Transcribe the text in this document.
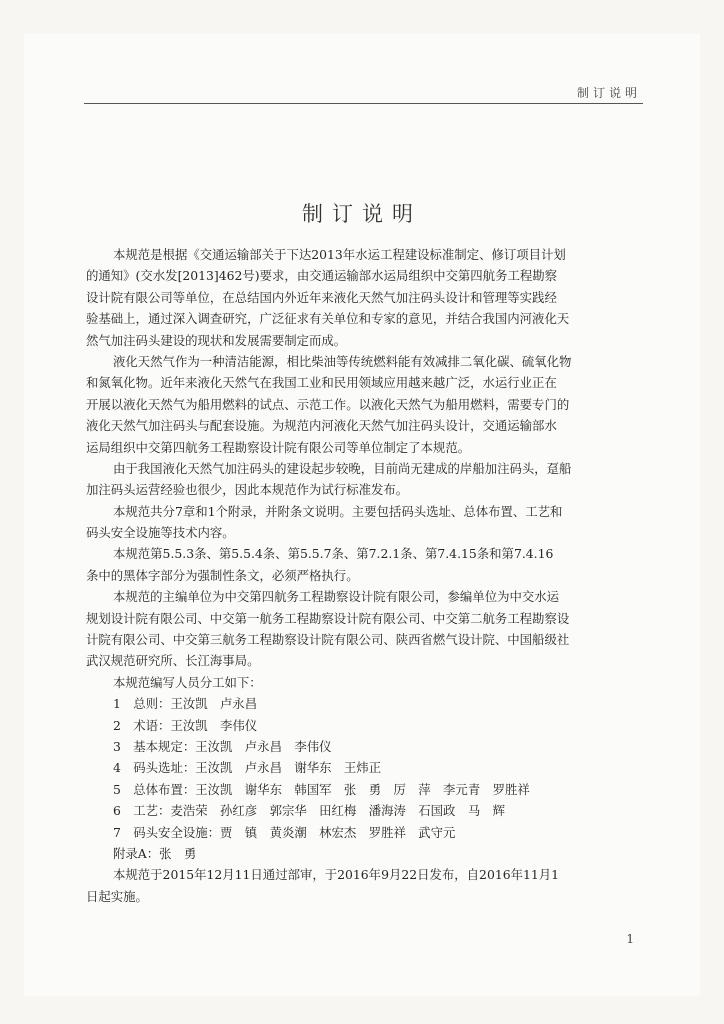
制订说明
制订说明
本规范是根据《交通运输部关于下达2013年水运工程建设标准制定、修订项目计划
的通知》(交水发[2013]462号)要求，由交通运输部水运局组织中交第四航务工程勘察
设计院有限公司等单位，在总结国内外近年来液化天然气加注码头设计和管理等实践经
验基础上，通过深入调查研究，广泛征求有关单位和专家的意见，并结合我国内河液化天
然气加注码头建设的现状和发展需要制定而成。
液化天然气作为一种清洁能源，相比柴油等传统燃料能有效减排二氧化碳、硫氧化物
和氮氧化物。近年来液化天然气在我国工业和民用领域应用越来越广泛，水运行业正在
开展以液化天然气为船用燃料的试点、示范工作。以液化天然气为船用燃料，需要专门的
液化天然气加注码头与配套设施。为规范内河液化天然气加注码头设计，交通运输部水
运局组织中交第四航务工程勘察设计院有限公司等单位制定了本规范。
由于我国液化天然气加注码头的建设起步较晚，目前尚无建成的岸船加注码头，趸船
加注码头运营经验也很少，因此本规范作为试行标准发布。
本规范共分7章和1个附录，并附条文说明。主要包括码头选址、总体布置、工艺和
码头安全设施等技术内容。
本规范第5.5.3条、第5.5.4条、第5.5.7条、第7.2.1条、第7.4.15条和第7.4.16
条中的黑体字部分为强制性条文，必须严格执行。
本规范的主编单位为中交第四航务工程勘察设计院有限公司，参编单位为中交水运
规划设计院有限公司、中交第一航务工程勘察设计院有限公司、中交第二航务工程勘察设
计院有限公司、中交第三航务工程勘察设计院有限公司、陕西省燃气设计院、中国船级社
武汉规范研究所、长江海事局。
本规范编写人员分工如下：
1　总则：王汝凯　卢永昌
2　术语：王汝凯　李伟仪
3　基本规定：王汝凯　卢永昌　李伟仪
4　码头选址：王汝凯　卢永昌　谢华东　王炜正
5　总体布置：王汝凯　谢华东　韩国军　张　勇　厉　萍　李元青　罗胜祥
6　工艺：麦浩荣　孙红彦　郭宗华　田红梅　潘海涛　石国政　马　辉
7　码头安全设施：贾　镇　黄炎潮　林宏杰　罗胜祥　武守元
附录A：张　勇
本规范于2015年12月11日通过部审，于2016年9月22日发布，自2016年11月1
日起实施。
1
